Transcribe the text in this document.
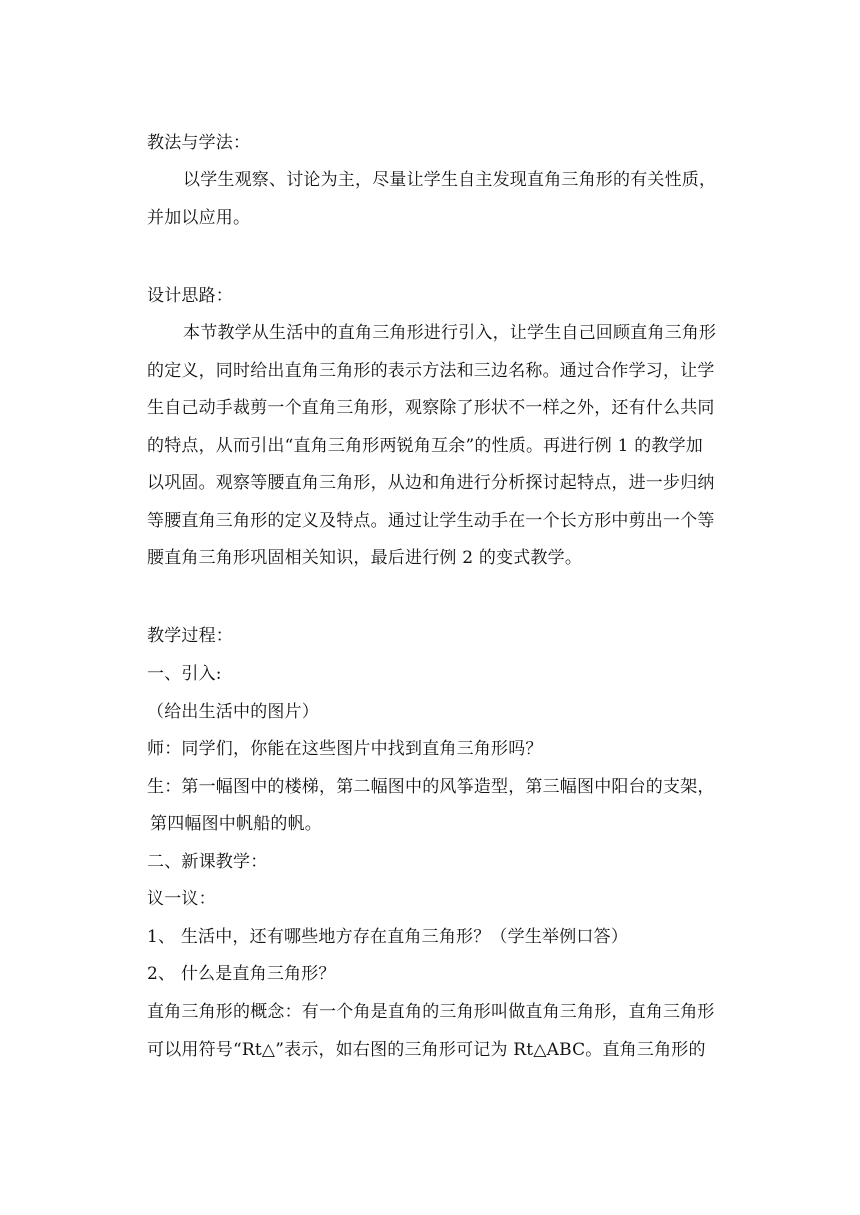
教法与学法：
以学生观察、讨论为主，尽量让学生自主发现直角三角形的有关性质，
并加以应用。
设计思路：
本节教学从生活中的直角三角形进行引入，让学生自己回顾直角三角形
的定义，同时给出直角三角形的表示方法和三边名称。通过合作学习，让学
生自己动手裁剪一个直角三角形，观察除了形状不一样之外，还有什么共同
的特点，从而引出“直角三角形两锐角互余”的性质。再进行例 1 的教学加
以巩固。观察等腰直角三角形，从边和角进行分析探讨起特点，进一步归纳
等腰直角三角形的定义及特点。通过让学生动手在一个长方形中剪出一个等
腰直角三角形巩固相关知识，最后进行例 2 的变式教学。
教学过程：
一、引入:
（给出生活中的图片）
师：同学们，你能在这些图片中找到直角三角形吗？
生：第一幅图中的楼梯，第二幅图中的风筝造型，第三幅图中阳台的支架，
第四幅图中帆船的帆。
二、新课教学：
议一议：
1、 生活中，还有哪些地方存在直角三角形？（学生举例口答）
2、 什么是直角三角形？
直角三角形的概念：有一个角是直角的三角形叫做直角三角形，直角三角形
可以用符号“Rt△”表示，如右图的三角形可记为 Rt△ABC。直角三角形的
